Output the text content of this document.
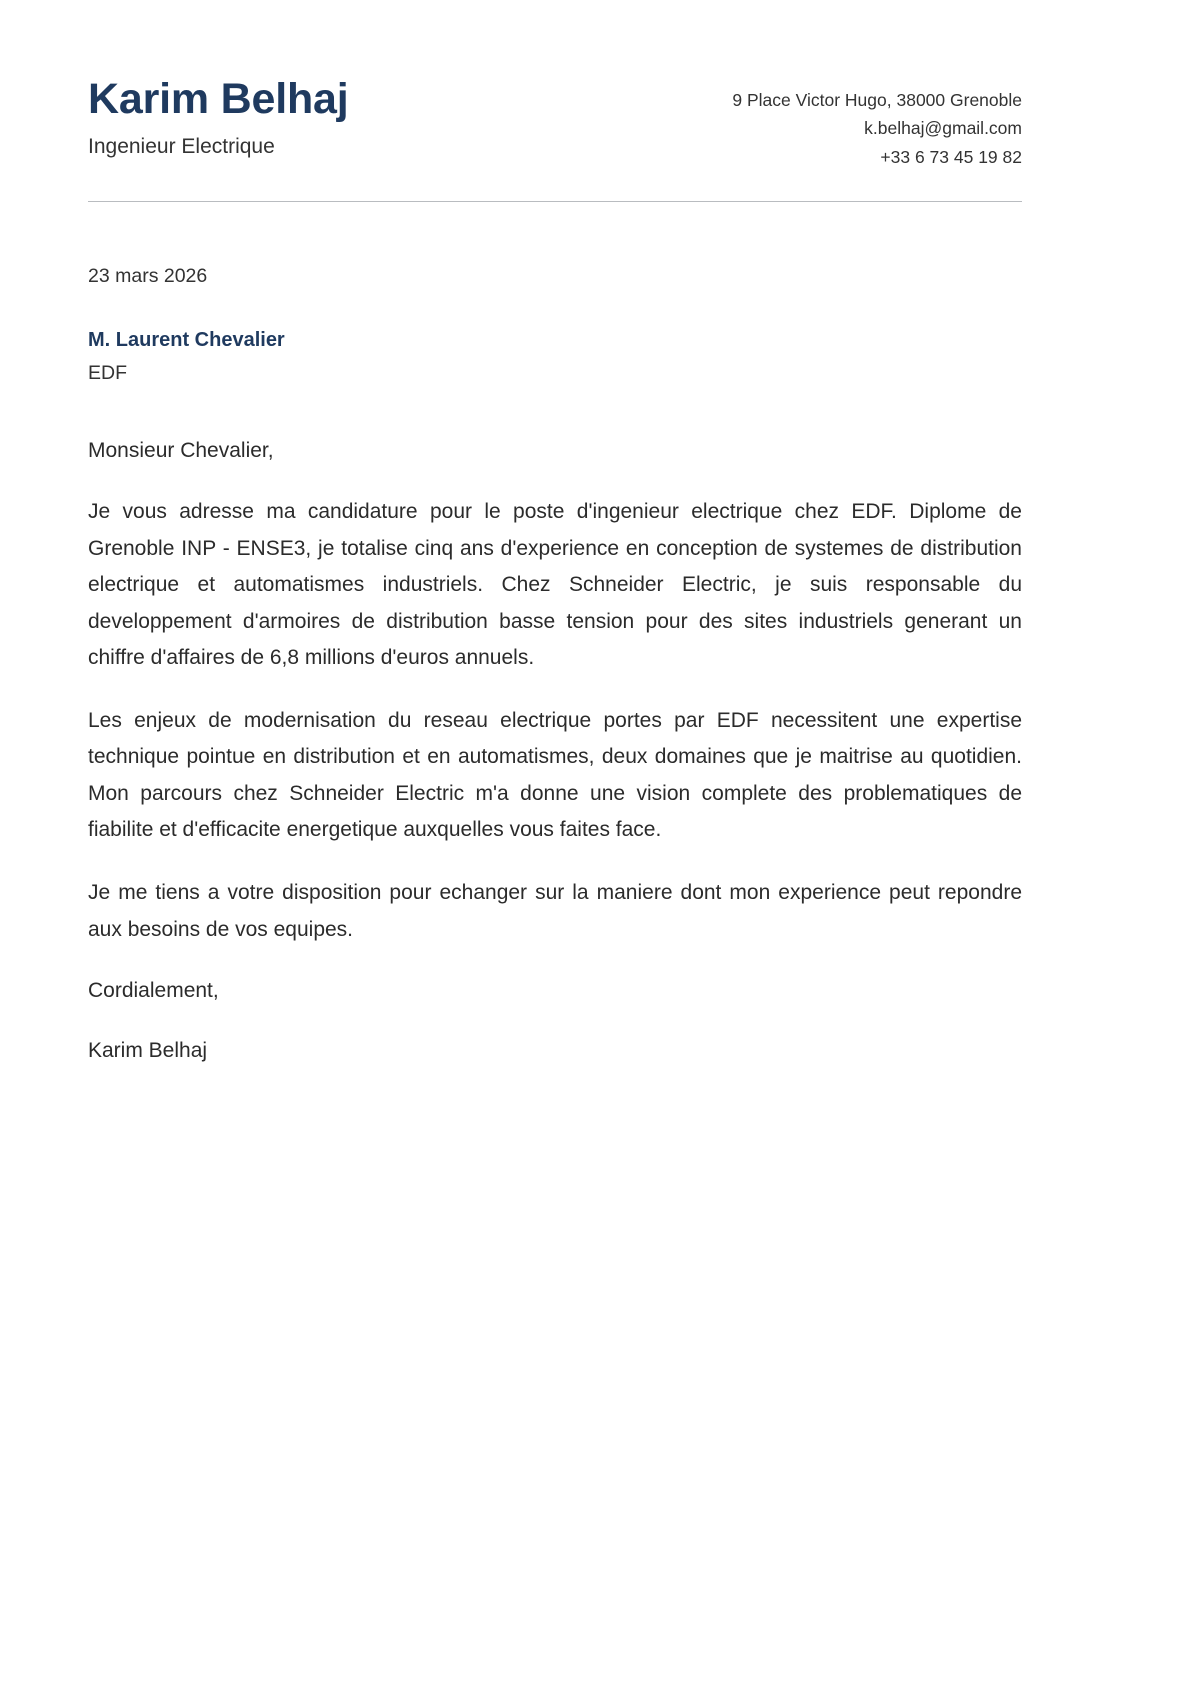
Karim Belhaj
Ingenieur Electrique
9 Place Victor Hugo, 38000 Grenoble
k.belhaj@gmail.com
+33 6 73 45 19 82
23 mars 2026
M. Laurent Chevalier
EDF
Monsieur Chevalier,

Je vous adresse ma candidature pour le poste d'ingenieur electrique chez EDF. Diplome de Grenoble INP - ENSE3, je totalise cinq ans d'experience en conception de systemes de distribution electrique et automatismes industriels. Chez Schneider Electric, je suis responsable du developpement d'armoires de distribution basse tension pour des sites industriels generant un chiffre d'affaires de 6,8 millions d'euros annuels.

Les enjeux de modernisation du reseau electrique portes par EDF necessitent une expertise technique pointue en distribution et en automatismes, deux domaines que je maitrise au quotidien. Mon parcours chez Schneider Electric m'a donne une vision complete des problematiques de fiabilite et d'efficacite energetique auxquelles vous faites face.

Je me tiens a votre disposition pour echanger sur la maniere dont mon experience peut repondre aux besoins de vos equipes.

Cordialement,
Karim Belhaj
